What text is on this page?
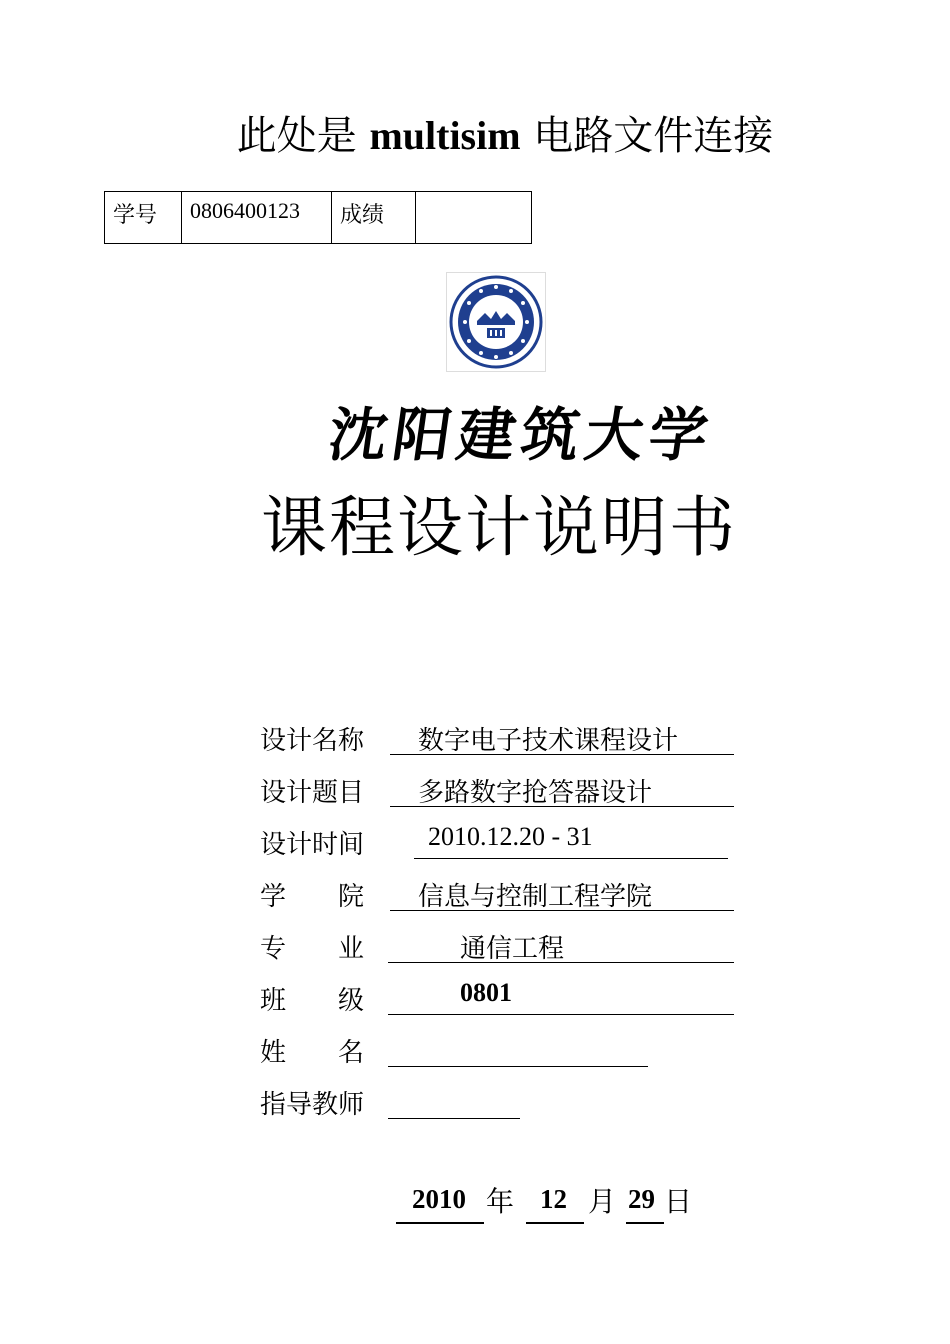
此处是 multisim 电路文件连接
学号	0806400123	成绩	
沈阳建筑大学
课程设计说明书
设计名称 数字电子技术课程设计
设计题目 多路数字抢答器设计
设计时间 2010.12.20 - 31
学　　院 信息与控制工程学院
专　　业	通信工程
班　　级	0801
姓　　名
指导教师
2010 年 12 月 29 日
